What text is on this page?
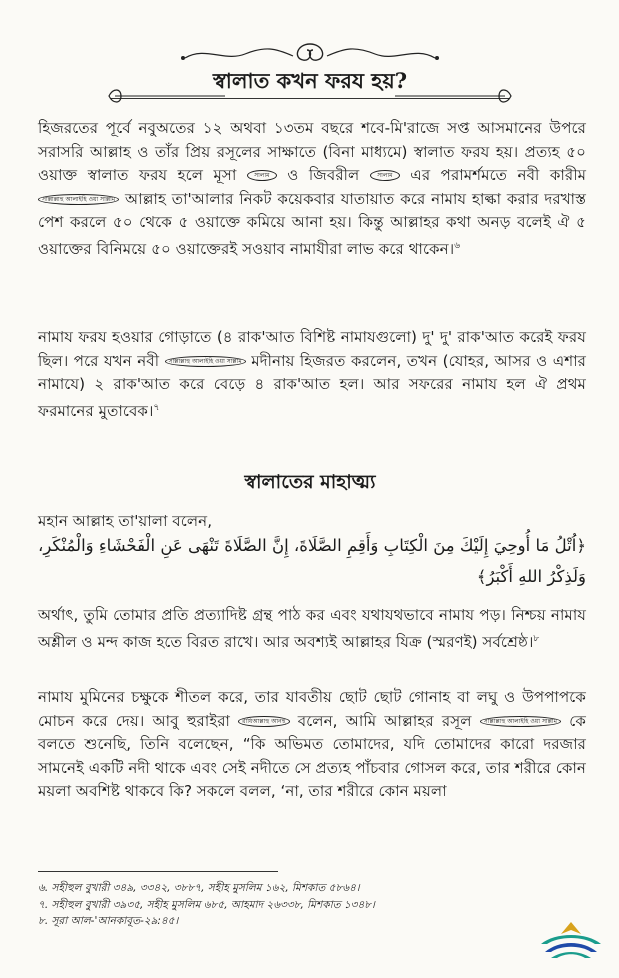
স্বালাত কখন ফরয হয়?

হিজরতের পূর্বে নবুঅতের ১২ অথবা ১৩তম বছরে শবে-মি'রাজে সপ্ত আসমানের উপরে সরাসরি আল্লাহ ও তাঁর প্রিয় রসূলের সাক্ষাতে (বিনা মাধ্যমে) স্বালাত ফরয হয়। প্রত্যহ ৫০ ওয়াক্ত স্বালাত ফরয হলে মূসা	সালাম ও জিবরীল	সালাম এর পরামর্শমতে নবী কারীম সাল্লাল্লাহু আলাইহি ওয়া সাল্লাম আল্লাহ তা'আলার নিকট কয়েকবার যাতায়াত করে নামায হাল্কা করার দরখাস্ত পেশ করলে ৫০ থেকে ৫ ওয়াক্তে কমিয়ে আনা হয়। কিন্তু আল্লাহর কথা অনড় বলেই ঐ ৫ ওয়াক্তের বিনিময়ে ৫০ ওয়াক্তেরই সওয়াব নামাযীরা লাভ করে থাকেন।$^৬$

নামায ফরয হওয়ার গোড়াতে (৪ রাক'আত বিশিষ্ট নামাযগুলো) দু' দু' রাক'আত করেই ফরয ছিল। পরে যখন নবী সাল্লাল্লাহু আলাইহি ওয়া সাল্লাম মদীনায় হিজরত করলেন, তখন (যোহর, আসর ও এশার নামাযে) ২ রাক'আত করে বেড়ে ৪ রাক'আত হল। আর সফরের নামায হল ঐ প্রথম ফরমানের মুতাবেক।$^৭$

স্বালাতের মাহাত্ম্য
মহান আল্লাহ তা'য়ালা বলেন,
﴿اُتْلُ مَا أُوحِيَ إِلَيْكَ مِنَ الْكِتَابِ وَأَقِمِ الصَّلَاةَ، إِنَّ الصَّلَاةَ تَنْهَى عَنِ الْفَحْشَاءِ وَالْمُنْكَرِ، وَلَذِكْرُ اللهِ أَكْبَرُ﴾

অর্থাৎ, তুমি তোমার প্রতি প্রত্যাদিষ্ট গ্রন্থ পাঠ কর এবং যথাযথভাবে নামায পড়। নিশ্চয় নামায অশ্লীল ও মন্দ কাজ হতে বিরত রাখে। আর অবশ্যই আল্লাহর যিক্র (স্মরণই) সর্বশ্রেষ্ঠ।$^৮$

নামায মুমিনের চক্ষুকে শীতল করে, তার যাবতীয় ছোট ছোট গোনাহ বা লঘু ও উপপাপকে মোচন করে দেয়। আবু হুরাইরা রাযিআল্লাহু আনহু বলেন, আমি আল্লাহর রসূল সাল্লাল্লাহু আলাইহি ওয়া সাল্লাম কে বলতে শুনেছি, তিনি বলেছেন, “কি অভিমত তোমাদের, যদি তোমাদের কারো দরজার সামনেই একটি নদী থাকে এবং সেই নদীতে সে প্রত্যহ পাঁচবার গোসল করে, তার শরীরে কোন ময়লা অবশিষ্ট থাকবে কি? সকলে বলল, ‘না, তার শরীরে কোন ময়লা

৬. সহীহুল বুখারী ৩৪৯, ৩৩৪২, ৩৮৮৭, সহীহ মুসলিম ১৬২, মিশকাত ৫৮৬৪।
৭. সহীহুল বুখারী ৩৯৩৫, সহীহ মুসলিম ৬৮৫, আহমাদ ২৬৩৩৮, মিশকাত ১৩৪৮।
৮. সূরা আল-'আনকাবূত-২৯:৪৫।
